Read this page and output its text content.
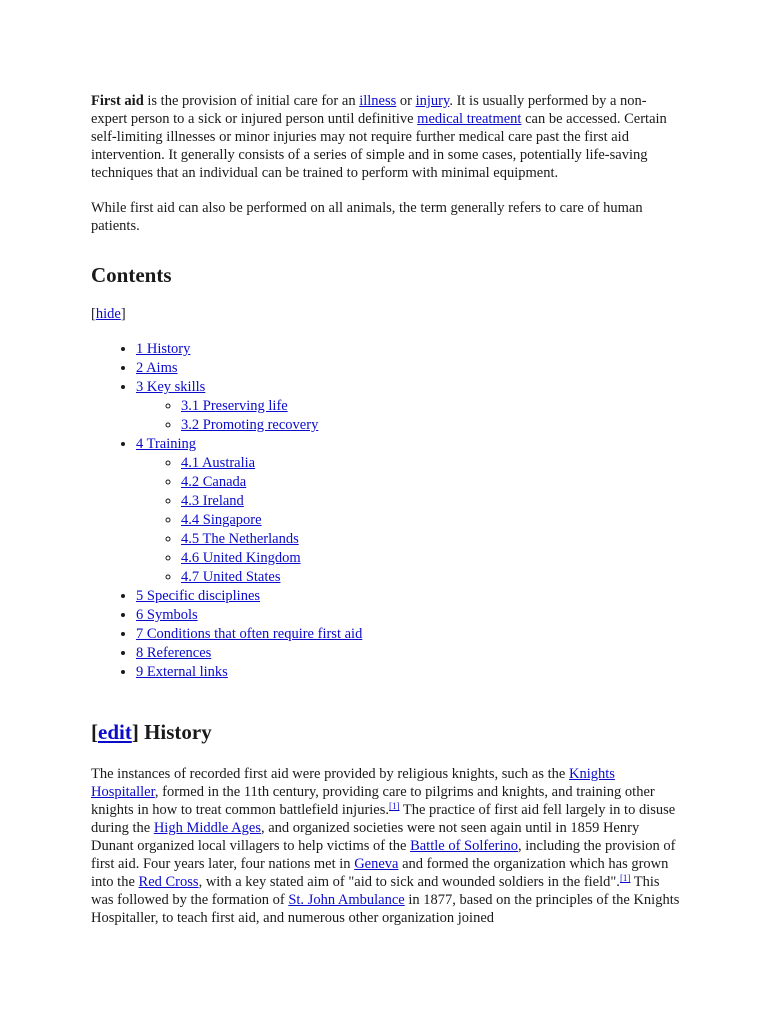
First aid is the provision of initial care for an illness or injury. It is usually performed by a non-expert person to a sick or injured person until definitive medical treatment can be accessed. Certain self-limiting illnesses or minor injuries may not require further medical care past the first aid intervention. It generally consists of a series of simple and in some cases, potentially life-saving techniques that an individual can be trained to perform with minimal equipment.

While first aid can also be performed on all animals, the term generally refers to care of human patients.

Contents
[hide]
• 1 History
• 2 Aims
• 3 Key skills
◦ 3.1 Preserving life
◦ 3.2 Promoting recovery
• 4 Training
◦ 4.1 Australia
◦ 4.2 Canada
◦ 4.3 Ireland
◦ 4.4 Singapore
◦ 4.5 The Netherlands
◦ 4.6 United Kingdom
◦ 4.7 United States
• 5 Specific disciplines
• 6 Symbols
• 7 Conditions that often require first aid
• 8 References
• 9 External links
[edit] History

The instances of recorded first aid were provided by religious knights, such as the Knights Hospitaller, formed in the 11th century, providing care to pilgrims and knights, and training other knights in how to treat common battlefield injuries.[1] The practice of first aid fell largely in to disuse during the High Middle Ages, and organized societies were not seen again until in 1859 Henry Dunant organized local villagers to help victims of the Battle of Solferino, including the provision of first aid. Four years later, four nations met in Geneva and formed the organization which has grown into the Red Cross, with a key stated aim of "aid to sick and wounded soldiers in the field".[1] This was followed by the formation of St. John Ambulance in 1877, based on the principles of the Knights Hospitaller, to teach first aid, and numerous other organization joined
